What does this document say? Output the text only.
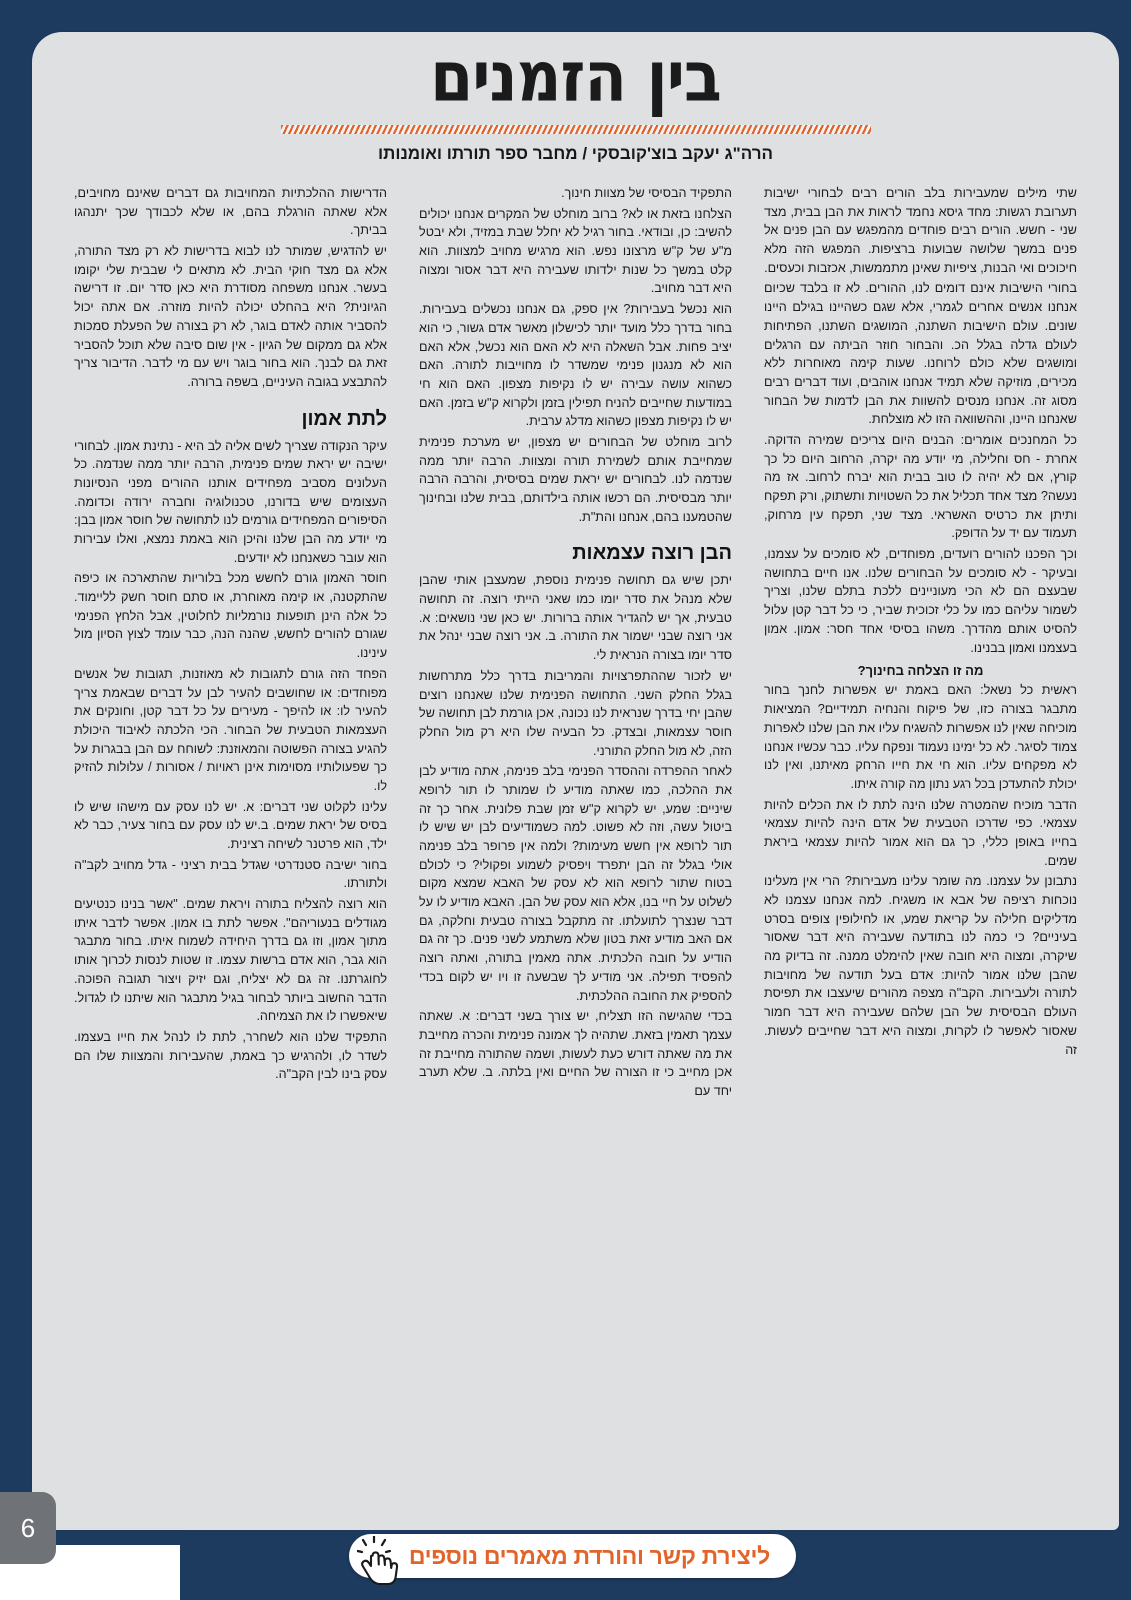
בין הזמנים
הרה"ג יעקב בוצ'קובסקי / מחבר ספר תורתו ואומנותו

שתי מילים שמעבירות בלב הורים רבים לבחורי ישיבות תערובת רגשות: מחד גיסא נחמד לראות את הבן בבית, מצד שני - חשש. הורים רבים פוחדים מהמפגש עם הבן פנים אל פנים במשך שלושה שבועות ברציפות. המפגש הזה מלא חיכוכים ואי הבנות, ציפיות שאינן מתממשות, אכזבות וכעסים.

בחורי הישיבות אינם דומים לנו, ההורים. לא זו בלבד שכיום אנחנו אנשים אחרים לגמרי, אלא שגם כשהיינו בגילם היינו שונים. עולם הישיבות השתנה, המושגים השתנו, הפתיחות לעולם גדלה בגלל הכ. והבחור חוזר הביתה עם הרגלים ומושגים שלא כולם לרוחנו. שעות קימה מאוחרות ללא מכירים, מוזיקה שלא תמיד אנחנו אוהבים, ועוד דברים רבים מסוג זה. אנחנו מנסים להשוות את הבן לדמות של הבחור שאנחנו היינו, וההשוואה הזו לא מוצלחת.

כל המחנכים אומרים: הבנים היום צריכים שמירה הדוקה. אחרת - חס וחלילה, מי יודע מה יקרה, הרחוב היום כל כך קורץ, אם לא יהיה לו טוב בבית הוא יברח לרחוב. אז מה נעשה? מצד אחד תכליל את כל השטויות ותשתוק, ורק תפקח ותיתן את כרטיס האשראי. מצד שני, תפקח עין מרחוק, תעמוד עם יד על הדופק.

וכך הפכנו להורים רועדים, מפוחדים, לא סומכים על עצמנו, ובעיקר - לא סומכים על הבחורים שלנו. אנו חיים בתחושה שבעצם הם לא הכי מעוניינים ללכת בתלם שלנו, וצריך לשמור עליהם כמו על כלי זכוכית שביר, כי כל דבר קטן עלול להסיט אותם מהדרך. משהו בסיסי אחד חסר: אמון. אמון בעצמנו ואמון בבנינו.

מה זו הצלחה בחינוך?

ראשית כל נשאל: האם באמת יש אפשרות לחנך בחור מתבגר בצורה כזו, של פיקוח והנחיה תמידיים? המציאות מוכיחה שאין לנו אפשרות להשגיח עליו את הבן שלנו לאפרות צמוד לסיגר. לא כל ימינו נעמוד ונפקח עליו. כבר עכשיו אנחנו לא מפקחים עליו. הוא חי את חייו הרחק מאיתנו, ואין לנו יכולת להתעדכן בכל רגע נתון מה קורה איתו.

הדבר מוכיח שהמטרה שלנו הינה לתת לו את הכלים להיות עצמאי. כפי שדרכו הטבעית של אדם הינה להיות עצמאי בחייו באופן כללי, כך גם הוא אמור להיות עצמאי ביראת שמים.

נתבונן על עצמנו. מה שומר עלינו מעבירות? הרי אין מעלינו נוכחות רציפה של אבא או משגיח. למה אנחנו עצמנו לא מדליקים חלילה על קריאת שמע, או לחילופין צופים בסרט בעיניים? כי כמה לנו בתודעה שעבירה היא דבר שאסור שיקרה, ומצוה היא חובה שאין להימלט ממנה. זה בדיוק מה שהבן שלנו אמור להיות: אדם בעל תודעה של מחויבות לתורה ולעבירות. הקב"ה מצפה מהורים שיעצבו את תפיסת העולם הבסיסית של הבן שלהם שעבירה היא דבר חמור שאסור לאפשר לו לקרות, ומצוה היא דבר שחייבים לעשות. זה

התפקיד הבסיסי של מצוות חינוך.

הצלחנו בזאת או לא? ברוב מוחלט של המקרים אנחנו יכולים להשיב: כן, ובודאי. בחור רגיל לא יחלל שבת במזיד, ולא יבטל מ"ע של ק"ש מרצונו נפש. הוא מרגיש מחויב למצוות. הוא קלט במשך כל שנות ילדותו שעבירה היא דבר אסור ומצוה היא דבר מחויב.

הוא נכשל בעבירות? אין ספק, גם אנחנו נכשלים בעבירות. בחור בדרך כלל מועד יותר לכישלון מאשר אדם גשור, כי הוא יציב פחות. אבל השאלה היא לא האם הוא נכשל, אלא האם הוא לא מנגנון פנימי שמשדר לו מחוייבות לתורה. האם כשהוא עושה עבירה יש לו נקיפות מצפון. האם הוא חי במודעות שחייבים להניח תפילין בזמן ולקרוא ק"ש בזמן. האם יש לו נקיפות מצפון כשהוא מדלג ערבית.

לרוב מוחלט של הבחורים יש מצפון, יש מערכת פנימית שמחייבת אותם לשמירת תורה ומצוות. הרבה יותר ממה שנדמה לנו. לבחורים יש יראת שמים בסיסית, והרבה הרבה יותר מבסיסית. הם רכשו אותה בילדותם, בבית שלנו ובחינוך שהטמענו בהם, אנחנו והת"ת.

הבן רוצה עצמאות

יתכן שיש גם תחושה פנימית נוספת, שמעצבן אותי שהבן שלא מנהל את סדר יומו כמו שאני הייתי רוצה. זה תחושה טבעית, אך יש להגדיר אותה ברורות. יש כאן שני נושאים: א. אני רוצה שבני ישמור את התורה. ב. אני רוצה שבני ינהל את סדר יומו בצורה הנראית לי.

יש לזכור שההתפרצויות והמריבות בדרך כלל מתרחשות בגלל החלק השני. התחושה הפנימית שלנו שאנחנו רוצים שהבן יחי בדרך שנראית לנו נכונה, אכן גורמת לבן תחושה של חוסר עצמאות, ובצדק. כל הבעיה שלו היא רק מול החלק הזה, לא מול החלק התורני.

לאחר ההפרדה וההסדר הפנימי בלב פנימה, אתה מודיע לבן את ההלכה, כמו שאתה מודיע לו שמותר לו תור לרופא שיניים: שמע, יש לקרוא ק"ש זמן שבת פלונית. אחר כך זה ביטול עשה, וזה לא פשוט. למה כשמודיעים לבן יש שיש לו תור לרופא אין חשש מעימות? ולמה אין פרופר בלב פנימה אולי בגלל זה הבן יתפרד ויפסיק לשמוע ופקולי? כי לכולם בטוח שתור לרופא הוא לא עסק של האבא שמצא מקום לשלוט על חיי בנו, אלא הוא עסק של הבן. האבא מודיע לו על דבר שנצרך לתועלתו. זה מתקבל בצורה טבעית וחלקה, גם אם האב מודיע זאת בטון שלא משתמע לשני פנים. כך זה גם הודיע על חובה הלכתית. אתה מאמין בתורה, ואתה רוצה להפסיד תפילה. אני מודיע לך שבשעה זו ויו יש לקום בכדי להספיק את החובה ההלכתית.

בכדי שהגישה הזו תצליח, יש צורך בשני דברים: א. שאתה עצמך תאמין בזאת. שתהיה לך אמונה פנימית והכרה מחייבת את מה שאתה דורש כעת לעשות, ושמה שהתורה מחייבת זה אכן מחייב כי זו הצורה של החיים ואין בלתה. ב. שלא תערב יחד עם

הדרישות ההלכתיות המחויבות גם דברים שאינם מחויבים, אלא שאתה הורגלת בהם, או שלא לכבודך שכך יתנהגו בביתך.

יש להדגיש, שמותר לנו לבוא בדרישות לא רק מצד התורה, אלא גם מצד חוקי הבית. לא מתאים לי שבבית שלי יקומו בעשר. אנחנו משפחה מסודרת היא כאן סדר יום. זו דרישה הגיונית? היא בהחלט יכולה להיות מוזרה. אם אתה יכול להסביר אותה לאדם בוגר, לא רק בצורה של הפעלת סמכות אלא גם ממקום של הגיון - אין שום סיבה שלא תוכל להסביר זאת גם לבנך. הוא בחור בוגר ויש עם מי לדבר. הדיבור צריך להתבצע בגובה העיניים, בשפה ברורה.

לתת אמון

עיקר הנקודה שצריך לשים אליה לב היא - נתינת אמון. לבחורי ישיבה יש יראת שמים פנימית, הרבה יותר ממה שנדמה. כל העלונים מסביב מפחידים אותנו ההורים מפני הנסיונות העצומים שיש בדורנו, טכנולוגיה וחברה ירודה וכדומה. הסיפורים המפחידים גורמים לנו לתחושה של חוסר אמון בבן: מי יודע מה הבן שלנו והיכן הוא באמת נמצא, ואלו עבירות הוא עובר כשאנחנו לא יודעים.

חוסר האמון גורם לחשש מכל בלוריות שהתארכה או כיפה שהתקטנה, או קימה מאוחרת, או סתם חוסר חשק לליימוד. כל אלה הינן תופעות נורמליות לחלוטין, אבל הלחץ הפנימי שגורם להורים לחשש, שהנה הנה, כבר עומד לצוץ הסיון מול עינינו.

הפחד הזה גורם לתגובות לא מאוזנות, תגובות של אנשים מפוחדים: או שחושבים להעיר לבן על דברים שבאמת צריך להעיר לו: או להיפך - מעירים על כל דבר קטן, וחונקים את העצמאות הטבעית של הבחור. הכי הלכתה לאיבוד היכולת להגיע בצורה הפשוטה והמאוזנת: לשוחח עם הבן בבגרות על כך שפעולותיו מסוימות אינן ראויות / אסורות / עלולות להזיק לו.

עלינו לקלוט שני דברים: א. יש לנו עסק עם מישהו שיש לו בסיס של יראת שמים. ב.יש לנו עסק עם בחור צעיר, כבר לא ילד, הוא פרטנר לשיחה רצינית.

בחור ישיבה סטנדרטי שגדל בבית רציני - גדל מחויב לקב"ה ולתורתו.

הוא רוצה להצליח בתורה ויראת שמים. "אשר בנינו כנטיעים מגודלים בנעוריהם". אפשר לתת בו אמון. אפשר לדבר איתו מתוך אמון, וזו גם בדרך היחידה לשמוח איתו. בחור מתבגר הוא גבר, הוא אדם ברשות עצמו. זו שטות לנסות לכרוך אותו לחוגרתנו. זה גם לא יצליח, וגם יזיק ויצור תגובה הפוכה. הדבר החשוב ביותר לבחור בגיל מתבגר הוא שיתנו לו לגדול. שיאפשרו לו את הצמיחה.

התפקיד שלנו הוא לשחרר, לתת לו לנהל את חייו בעצמו. לשדר לו, ולהרגיש כך באמת, שהעבירות והמצוות שלו הם עסק בינו לבין הקב"ה.

6
ליצירת קשר והורדת מאמרים נוספים
